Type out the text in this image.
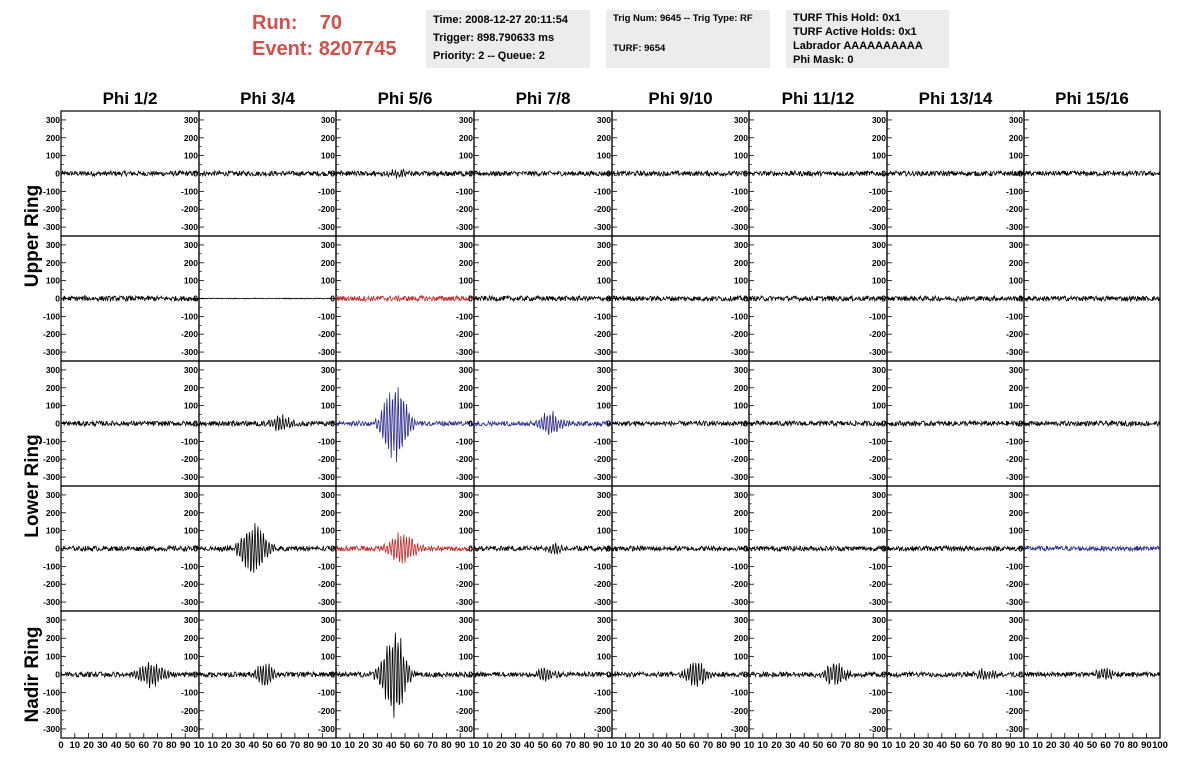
Run: 70
Event: 8207745
Time: 2008-12-27 20:11:54
Trigger: 898.790633 ms
Priority: 2 -- Queue: 2
Trig Num: 9645 -- Trig Type: RF
TURF: 9654
TURF This Hold: 0x1
TURF Active Holds: 0x1
Labrador AAAAAAAAAA
Phi Mask: 0
Phi 1/2	Phi 3/4	Phi 5/6	Phi 7/8	Phi 9/10	Phi 11/12	Phi 13/14	Phi 15/16
Upper Ring
Lower Ring
Nadir Ring
300
200
100
0
-100
-200
-300
300
200
100
0
-100
-200
-300
300
200
100
0
-100
-200
-300
300
200
100
0
-100
-200
-300
300
200
100
0
-100
-200
-300
300
200
100
0
-100
-200
-300
300
200
100
0
-100
-200
-300
300
200
100
0
-100
-200
-300
300
200
100
0
-100
-200
-300
300
200
100
0
-100
-200
-300
300
200
100
0
-100
-200
-300
300
200
100
0
-100
-200
-300
300
200
100
0
-100
-200
-300
300
200
100
0
-100
-200
-300
300
200
100
0
-100
-200
-300
300
200
100
0
-100
-200
-300
300
200
100
0
-100
-200
-300
300
200
100
0
-100
-200
-300
300
200
100
0
-100
-200
-300
300
200
100
0
-100
-200
-300
300
200
100
0
-100
-200
-300
300
200
100
0
-100
-200
-300
300
200
100
0
-100
-200
-300
300
200
100
0
-100
-200
-300
300
200
100
0
-100
-200
-300
300
200
100
0
-100
-200
-300
300
200
100
0
-100
-200
-300
300
200
100
0
-100
-200
-300
300
200
100
0
-100
-200
-300
300
200
100
0
-100
-200
-300
300
200
100
0
-100
-200
-300
300
200
100
0
-100
-200
-300
300
200
100
0
-100
-200
-300
300
200
100
0
-100
-200
-300
300
200
100
0
-100
-200
-300
300
200
100
0
-100
-200
-300
300
200
100
0
-100
-200
-300
300
200
100
0
-100
-200
-300
300
200
100
0
-100
-200
-300
300
200
100
0
-100
-200
-300
0 10 20 30 40 50 60 70 80 90 10 10 20 30 40 50 60 70 80 90 10 10 20 30 40 50 60 70 80 90 10 10 20 30 40 50 60 70 80 90 10 10 20 30 40 50 60 70 80 90 10 10 20 30 40 50 60 70 80 90 10 10 20 30 40 50 60 70 80 90 10 10 20 30 40 50 60 70 80 90 100
